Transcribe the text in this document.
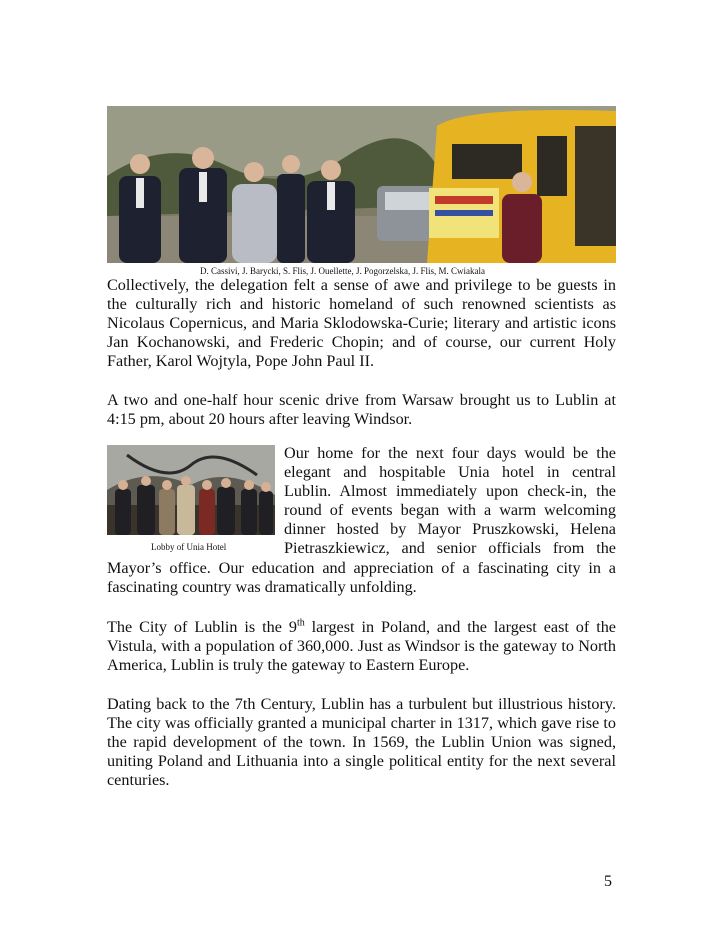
D. Cassivi, J. Barycki, S. Flis, J. Ouellette, J. Pogorzelska, J. Flis, M. Cwiakala

Collectively, the delegation felt a sense of awe and privilege to be guests in the culturally rich and historic homeland of such renowned scientists as Nicolaus Copernicus, and Maria Sklodowska-Curie; literary and artistic icons Jan Kochanowski, and Frederic Chopin; and of course, our current Holy Father, Karol Wojtyla, Pope John Paul II.

A two and one-half hour scenic drive from Warsaw brought us to Lublin at 4:15 pm, about 20 hours after leaving Windsor.

Lobby of Unia Hotel

Our home for the next four days would be the elegant and hospitable Unia hotel in central Lublin. Almost immediately upon check-in, the round of events began with a warm welcoming dinner hosted by Mayor Pruszkowski, Helena Pietraszkiewicz, and senior officials from the Mayor’s office. Our education and appreciation of a fascinating city in a fascinating country was dramatically unfolding.

The City of Lublin is the 9th largest in Poland, and the largest east of the Vistula, with a population of 360,000. Just as Windsor is the gateway to North America, Lublin is truly the gateway to Eastern Europe.

Dating back to the 7th Century, Lublin has a turbulent but illustrious history. The city was officially granted a municipal charter in 1317, which gave rise to the rapid development of the town. In 1569, the Lublin Union was signed, uniting Poland and Lithuania into a single political entity for the next several centuries.

5
